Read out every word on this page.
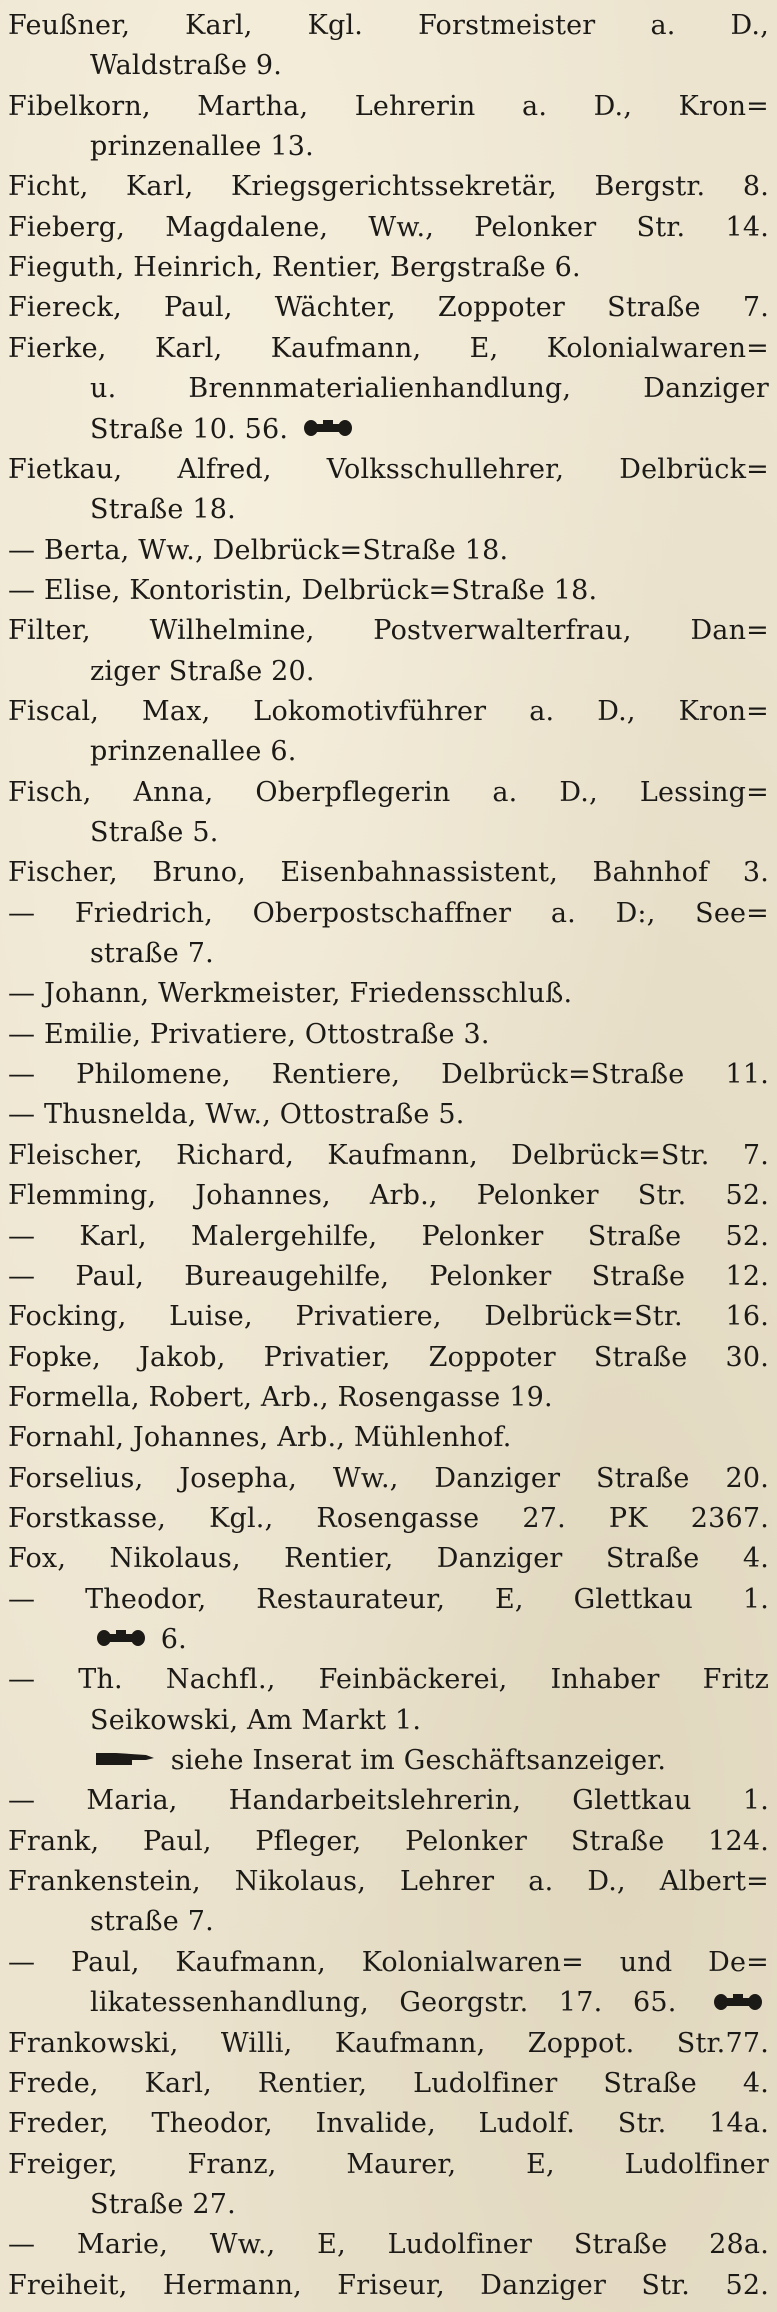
Feußner, Karl, Kgl. Forstmeister a. D.,
Waldstraße 9.
Fibelkorn, Martha, Lehrerin a. D., Kron=
prinzenallee 13.
Ficht, Karl, Kriegsgerichtssekretär, Bergstr. 8.
Fieberg, Magdalene, Ww., Pelonker Str. 14.
Fieguth, Heinrich, Rentier, Bergstraße 6.
Fiereck, Paul, Wächter, Zoppoter Straße 7.
Fierke, Karl, Kaufmann, E, Kolonialwaren=
u. Brennmaterialienhandlung, Danziger
Straße 10. 56.
Fietkau, Alfred, Volksschullehrer, Delbrück=
Straße 18.
— Berta, Ww., Delbrück=Straße 18.
— Elise, Kontoristin, Delbrück=Straße 18.
Filter, Wilhelmine, Postverwalterfrau, Dan=
ziger Straße 20.
Fiscal, Max, Lokomotivführer a. D., Kron=
prinzenallee 6.
Fisch, Anna, Oberpflegerin a. D., Lessing=
Straße 5.
Fischer, Bruno, Eisenbahnassistent, Bahnhof 3.
— Friedrich, Oberpostschaffner a. D:, See=
straße 7.
— Johann, Werkmeister, Friedensschluß.
— Emilie, Privatiere, Ottostraße 3.
— Philomene, Rentiere, Delbrück=Straße 11.
— Thusnelda, Ww., Ottostraße 5.
Fleischer, Richard, Kaufmann, Delbrück=Str. 7.
Flemming, Johannes, Arb., Pelonker Str. 52.
— Karl, Malergehilfe, Pelonker Straße 52.
— Paul, Bureaugehilfe, Pelonker Straße 12.
Focking, Luise, Privatiere, Delbrück=Str. 16.
Fopke, Jakob, Privatier, Zoppoter Straße 30.
Formella, Robert, Arb., Rosengasse 19.
Fornahl, Johannes, Arb., Mühlenhof.
Forselius, Josepha, Ww., Danziger Straße 20.
Forstkasse, Kgl., Rosengasse 27. PK 2367.
Fox, Nikolaus, Rentier, Danziger Straße 4.
— Theodor, Restaurateur, E, Glettkau 1.
6.
— Th. Nachfl., Feinbäckerei, Inhaber Fritz
Seikowski, Am Markt 1.
siehe Inserat im Geschäftsanzeiger.
— Maria, Handarbeitslehrerin, Glettkau 1.
Frank, Paul, Pfleger, Pelonker Straße 124.
Frankenstein, Nikolaus, Lehrer a. D., Albert=
straße 7.
— Paul, Kaufmann, Kolonialwaren= und De=
likatessenhandlung, Georgstr. 17. 65.
Frankowski, Willi, Kaufmann, Zoppot. Str.77.
Frede, Karl, Rentier, Ludolfiner Straße 4.
Freder, Theodor, Invalide, Ludolf. Str. 14a.
Freiger, Franz, Maurer, E, Ludolfiner
Straße 27.
— Marie, Ww., E, Ludolfiner Straße 28a.
Freiheit, Hermann, Friseur, Danziger Str. 52.
